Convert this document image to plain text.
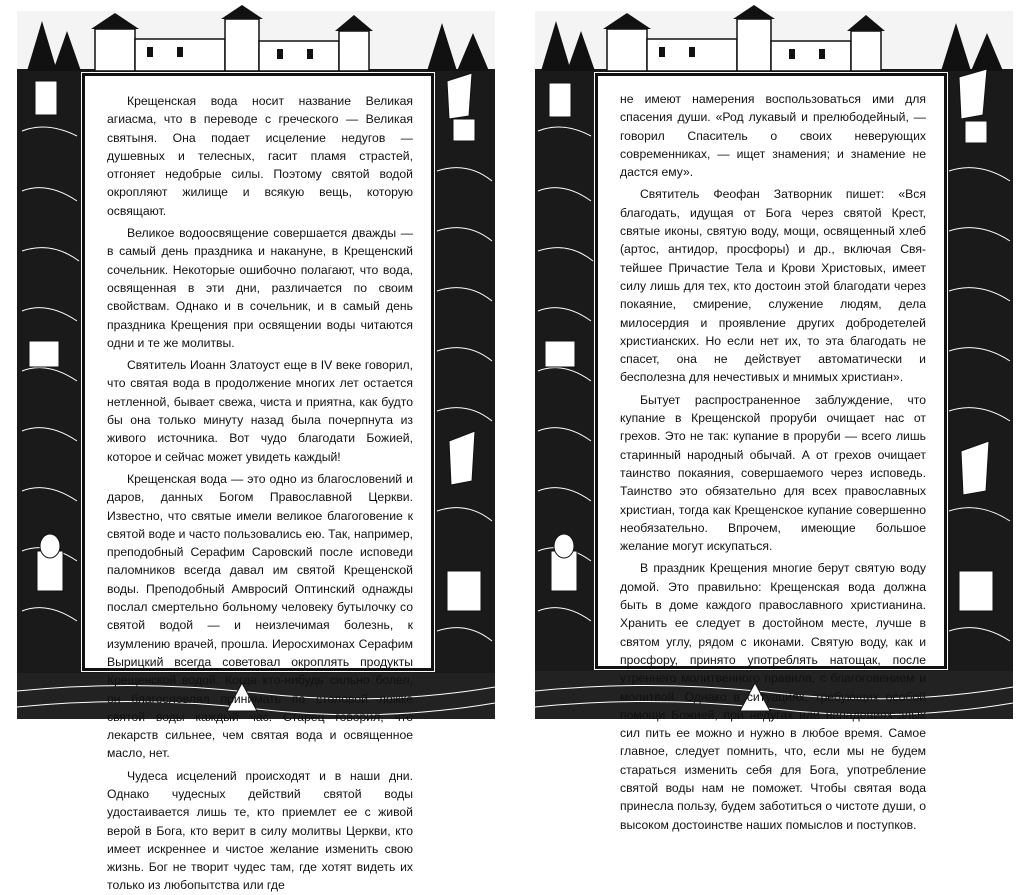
Крещенская вода носит название Великая агиасма, что в переводе с греческого — Великая святыня. Она подает исцеление недугов — душевных и телесных, гасит пламя страстей, отгоняет недобрые силы. Поэтому святой водой окропляют жилище и всякую вещь, которую освящают.

Великое водоосвящение совершается дважды — в самый день праздника и накануне, в Крещенский сочельник. Некоторые ошибочно полагают, что вода, освященная в эти дни, различается по своим свойствам. Однако и в сочельник, и в самый день праздника Крещения при освящении воды читаются одни и те же молитвы.

Святитель Иоанн Златоуст еще в IV веке говорил, что святая вода в продолжение многих лет остается нетленной, бывает свежа, чиста и приятна, как будто бы она только минуту назад была почерпнута из живого источника. Вот чудо благодати Божией, которое и сейчас может увидеть каждый!

Крещенская вода — это одно из благословений и даров, данных Богом Православной Церкви. Известно, что святые имели великое благоговение к святой воде и часто пользовались ею. Так, например, преподобный Серафим Саровский после исповеди паломников всегда давал им святой Крещенской воды. Преподобный Амвросий Оптинский однажды послал смертельно больному человеку бутылочку со святой водой — и неизлечимая болезнь, к изумлению врачей, прошла. Иеросхимонах Серафим Вырицкий всегда советовал окроплять продукты Крещенской водой. Когда кто-нибудь сильно болел, он благословлял принимать по столовой ложке святой воды каждый час. Старец говорил, что лекарств сильнее, чем святая вода и освященное масло, нет.

Чудеса исцелений происходят и в наши дни. Однако чудесных действий святой воды удостаивается лишь те, кто приемлет ее с живой верой в Бога, кто верит в силу молитвы Церкви, кто имеет искреннее и чистое желание изменить свою жизнь. Бог не творит чудес там, где хотят видеть их только из любопытства или где

не имеют намерения воспользоваться ими для спасения души. «Род лукавый и прелюбодейный, — говорил Спаситель о своих неверующих современниках, — ищет знамения; и знамение не дастся ему».

Святитель Феофан Затворник пишет: «Вся благодать, идущая от Бога через святой Крест, святые иконы, святую воду, мощи, освященный хлеб (артос, антидор, просфоры) и др., включая Святейшее Причастие Тела и Крови Христовых, имеет силу лишь для тех, кто достоин этой благодати через покаяние, смирение, служение людям, дела милосердия и проявление других добродетелей христианских. Но если нет их, то эта благодать не спасет, она не действует автоматически и бесполезна для нечестивых и мнимых христиан».

Бытует распространенное заблуждение, что купание в Крещенской проруби очищает нас от грехов. Это не так: купание в проруби — всего лишь старинный народный обычай. А от грехов очищает таинство покаяния, совершаемого через исповедь. Таинство это обязательно для всех православных христиан, тогда как Крещенское купание совершенно необязательно. Впрочем, имеющие большое желание могут искупаться.

В праздник Крещения многие берут святую воду домой. Это правильно: Крещенская вода должна быть в доме каждого православного христианина. Хранить ее следует в достойном месте, лучше в святом углу, рядом с иконами. Святую воду, как и просфору, принято употреблять натощак, после утреннего молитвенного правила, с благоговением и молитвой. Однако в ситуациях, требующих особой помощи Божией, при недугах или нападениях злых сил пить ее можно и нужно в любое время. Самое главное, следует помнить, что, если мы не будем стараться изменить себя для Бога, употребление святой воды нам не поможет. Чтобы святая вода принесла пользу, будем заботиться о чистоте души, о высоком достоинстве наших помыслов и поступков.
